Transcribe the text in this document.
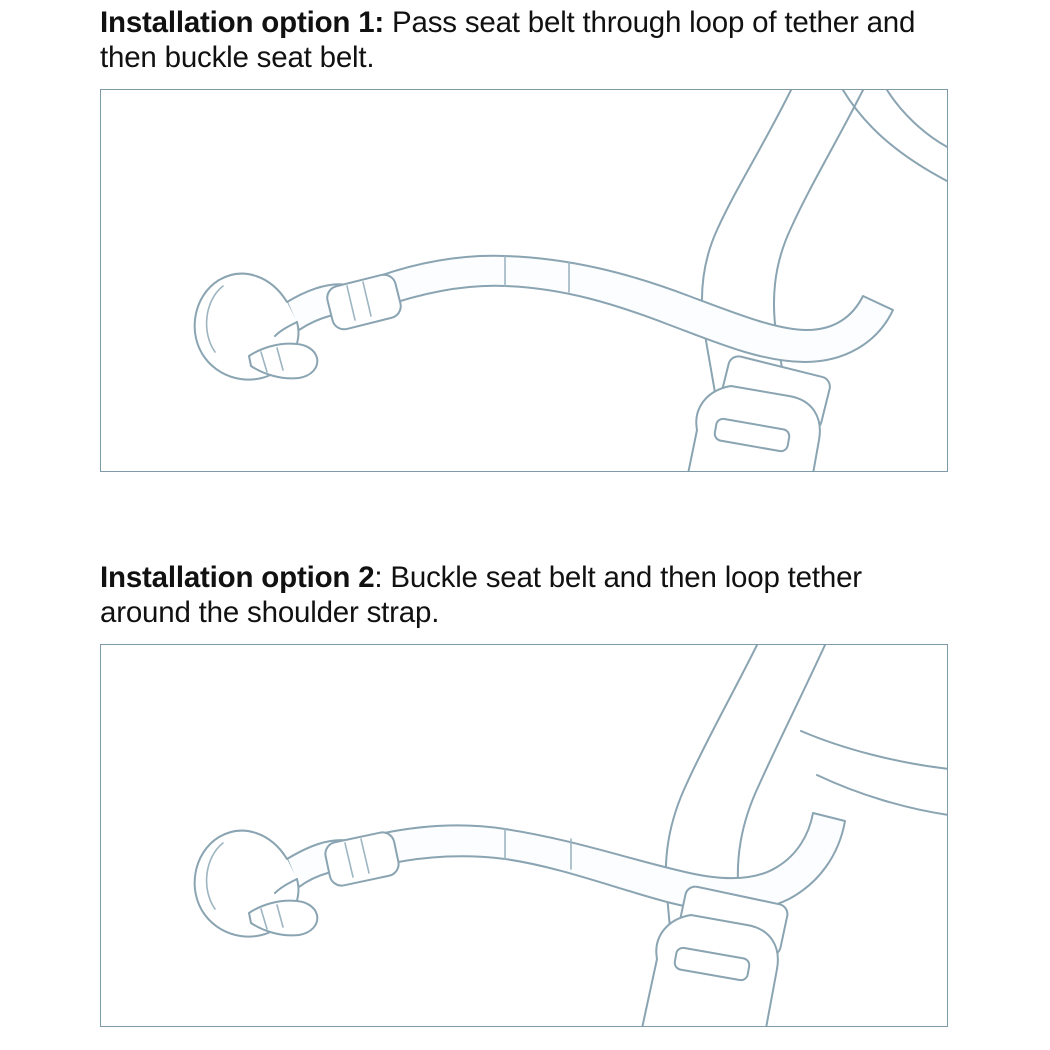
Installation option 1: Pass seat belt through loop of tether and then buckle seat belt.

Installation option 2: Buckle seat belt and then loop tether around the shoulder strap.
